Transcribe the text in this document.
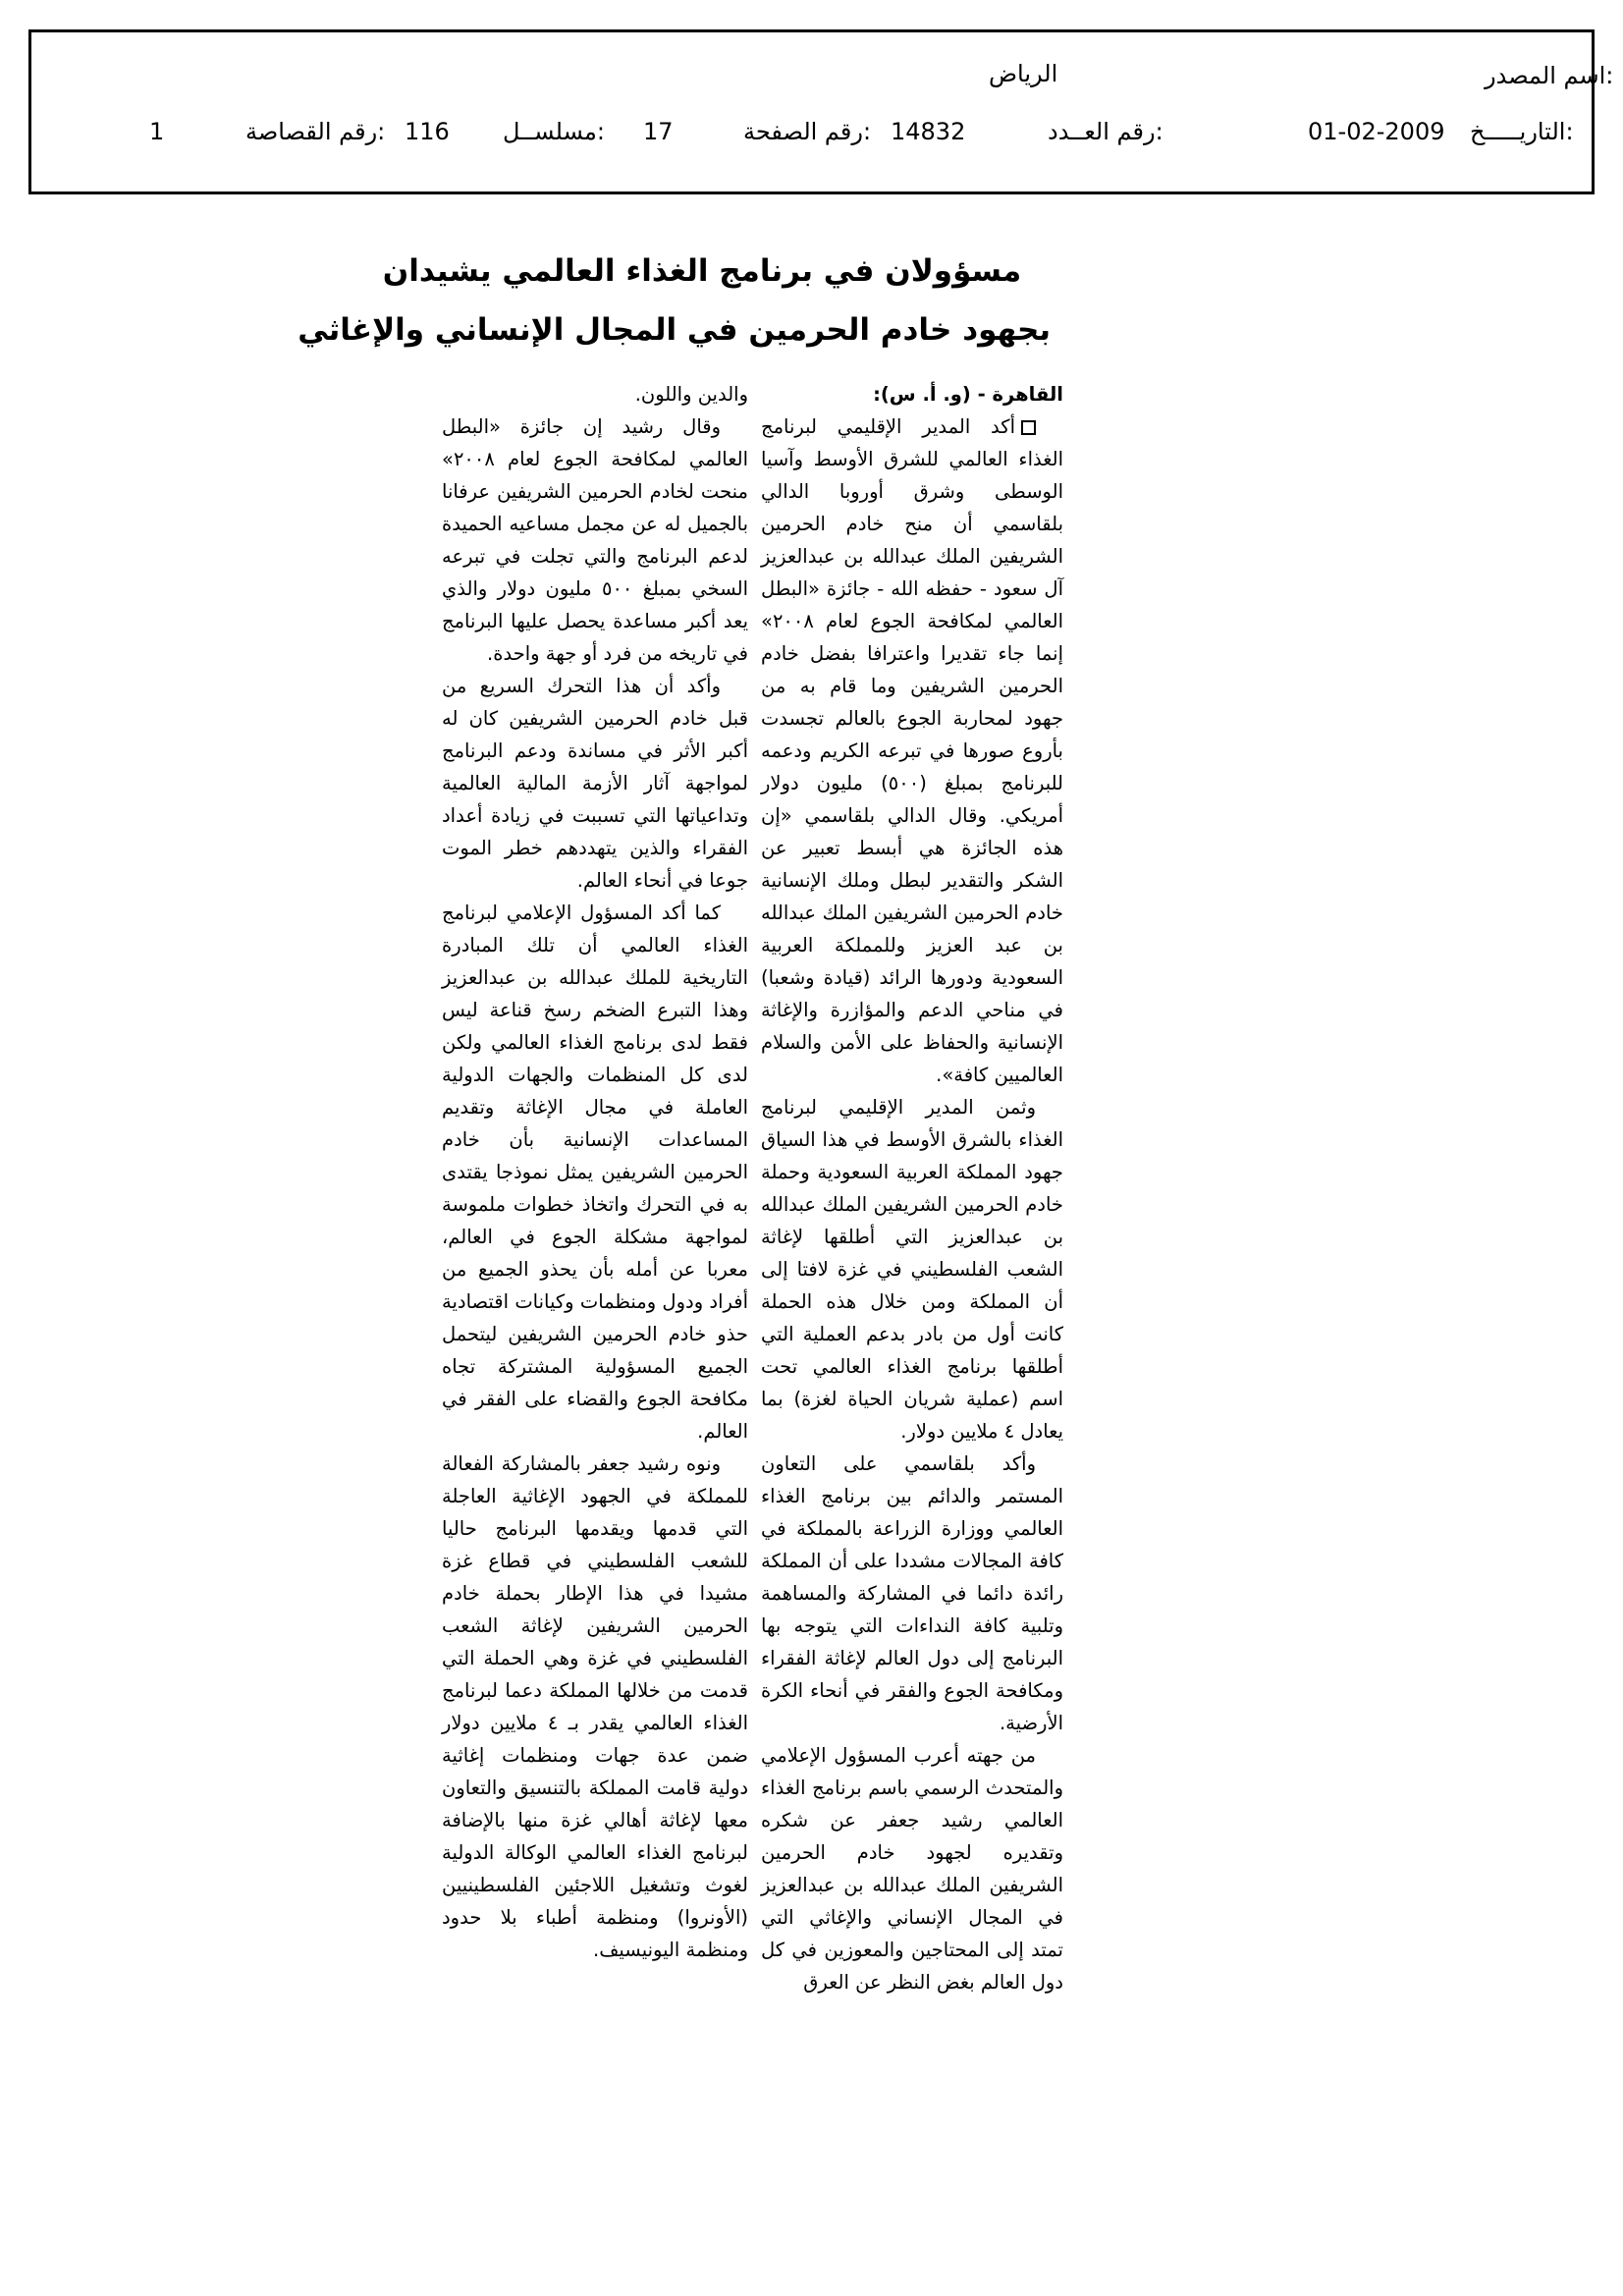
اسم المصدر:
الرياض
التاريـــــخ:
01-02-2009
رقم العــدد:
14832
رقم الصفحة:
17
مسلســل:
116
رقم القصاصة:
1
مسؤولان في برنامج الغذاء العالمي يشيدان
بجهود خادم الحرمين في المجال الإنساني والإغاثي

القاهرة - (و. أ. س):

أكد المدير الإقليمي لبرنامج الغذاء العالمي للشرق الأوسط وآسيا الوسطى وشرق أوروبا الدالي بلقاسمي أن منح خادم الحرمين الشريفين الملك عبدالله بن عبدالعزيز آل سعود - حفظه الله - جائزة «البطل العالمي لمكافحة الجوع لعام ٢٠٠٨» إنما جاء تقديرا واعترافا بفضل خادم الحرمين الشريفين وما قام به من جهود لمحاربة الجوع بالعالم تجسدت بأروع صورها في تبرعه الكريم ودعمه للبرنامج بمبلغ (٥٠٠) مليون دولار أمريكي. وقال الدالي بلقاسمي «إن هذه الجائزة هي أبسط تعبير عن الشكر والتقدير لبطل وملك الإنسانية خادم الحرمين الشريفين الملك عبدالله بن عبد العزيز وللمملكة العربية السعودية ودورها الرائد (قيادة وشعبا) في مناحي الدعم والمؤازرة والإغاثة الإنسانية والحفاظ على الأمن والسلام العالميين كافة».

وثمن المدير الإقليمي لبرنامج الغذاء بالشرق الأوسط في هذا السياق جهود المملكة العربية السعودية وحملة خادم الحرمين الشريفين الملك عبدالله بن عبدالعزيز التي أطلقها لإغاثة الشعب الفلسطيني في غزة لافتا إلى أن المملكة ومن خلال هذه الحملة كانت أول من بادر بدعم العملية التي أطلقها برنامج الغذاء العالمي تحت اسم (عملية شريان الحياة لغزة) بما يعادل ٤ ملايين دولار.

وأكد بلقاسمي على التعاون المستمر والدائم بين برنامج الغذاء العالمي ووزارة الزراعة بالمملكة في كافة المجالات مشددا على أن المملكة رائدة دائما في المشاركة والمساهمة وتلبية كافة النداءات التي يتوجه بها البرنامج إلى دول العالم لإغاثة الفقراء ومكافحة الجوع والفقر في أنحاء الكرة الأرضية.

من جهته أعرب المسؤول الإعلامي والمتحدث الرسمي باسم برنامج الغذاء العالمي رشيد جعفر عن شكره وتقديره لجهود خادم الحرمين الشريفين الملك عبدالله بن عبدالعزيز في المجال الإنساني والإغاثي التي تمتد إلى المحتاجين والمعوزين في كل دول العالم بغض النظر عن العرق

والدين واللون.

وقال رشيد إن جائزة «البطل العالمي لمكافحة الجوع لعام ٢٠٠٨» منحت لخادم الحرمين الشريفين عرفانا بالجميل له عن مجمل مساعيه الحميدة لدعم البرنامج والتي تجلت في تبرعه السخي بمبلغ ٥٠٠ مليون دولار والذي يعد أكبر مساعدة يحصل عليها البرنامج في تاريخه من فرد أو جهة واحدة.

وأكد أن هذا التحرك السريع من قبل خادم الحرمين الشريفين كان له أكبر الأثر في مساندة ودعم البرنامج لمواجهة آثار الأزمة المالية العالمية وتداعياتها التي تسببت في زيادة أعداد الفقراء والذين يتهددهم خطر الموت جوعا في أنحاء العالم.

كما أكد المسؤول الإعلامي لبرنامج الغذاء العالمي أن تلك المبادرة التاريخية للملك عبدالله بن عبدالعزيز وهذا التبرع الضخم رسخ قناعة ليس فقط لدى برنامج الغذاء العالمي ولكن لدى كل المنظمات والجهات الدولية العاملة في مجال الإغاثة وتقديم المساعدات الإنسانية بأن خادم الحرمين الشريفين يمثل نموذجا يقتدى به في التحرك واتخاذ خطوات ملموسة لمواجهة مشكلة الجوع في العالم، معربا عن أمله بأن يحذو الجميع من أفراد ودول ومنظمات وكيانات اقتصادية حذو خادم الحرمين الشريفين ليتحمل الجميع المسؤولية المشتركة تجاه مكافحة الجوع والقضاء على الفقر في العالم.

ونوه رشيد جعفر بالمشاركة الفعالة للمملكة في الجهود الإغاثية العاجلة التي قدمها ويقدمها البرنامج حاليا للشعب الفلسطيني في قطاع غزة مشيدا في هذا الإطار بحملة خادم الحرمين الشريفين لإغاثة الشعب الفلسطيني في غزة وهي الحملة التي قدمت من خلالها المملكة دعما لبرنامج الغذاء العالمي يقدر بـ ٤ ملايين دولار ضمن عدة جهات ومنظمات إغاثية دولية قامت المملكة بالتنسيق والتعاون معها لإغاثة أهالي غزة منها بالإضافة لبرنامج الغذاء العالمي الوكالة الدولية لغوث وتشغيل اللاجئين الفلسطينيين (الأونروا) ومنظمة أطباء بلا حدود ومنظمة اليونيسيف.
